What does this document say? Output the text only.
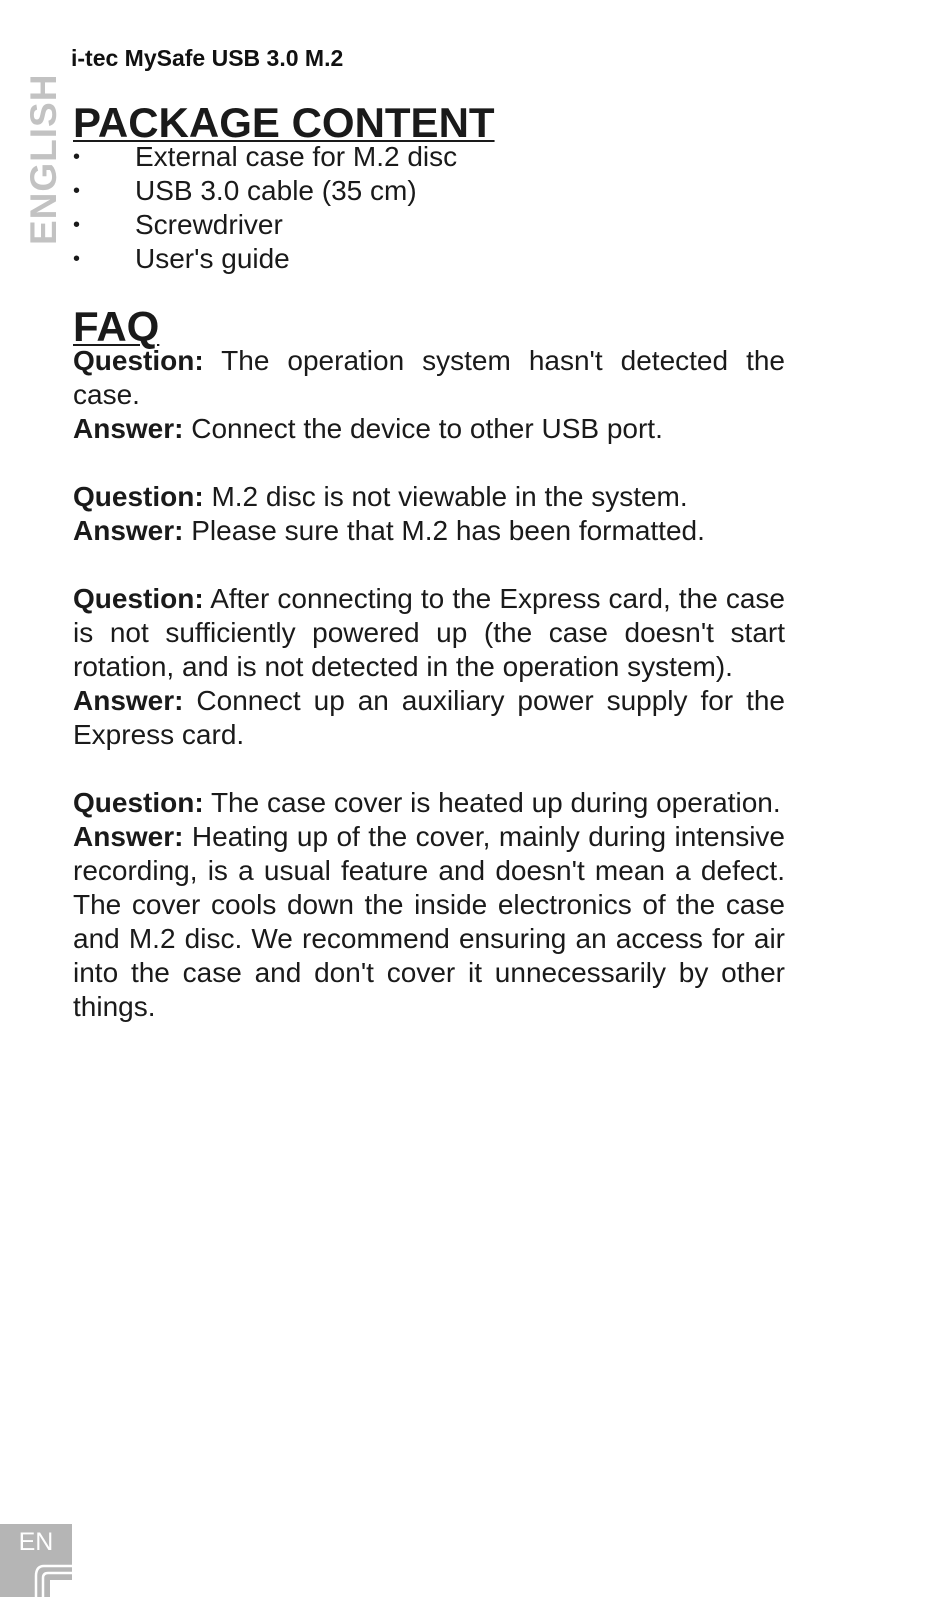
ENGLISH
i-tec MySafe USB 3.0 M.2
PACKAGE CONTENT
• External case for M.2 disc
• USB 3.0 cable (35 cm)
• Screwdriver
• User's guide
FAQ

Question: The operation system hasn't detected the case.

Answer: Connect the device to other USB port.

Question: M.2 disc is not viewable in the system.

Answer: Please sure that M.2 has been formatted.

Question: After connecting to the Express card, the case is not sufficiently powered up (the case doesn't start rotation, and is not detected in the operation system).

Answer: Connect up an auxiliary power supply for the Express card.

Question: The case cover is heated up during operation.

Answer: Heating up of the cover, mainly during intensive recording, is a usual feature and doesn't mean a defect. The cover cools down the inside electronics of the case and M.2 disc. We recommend ensuring an access for air into the case and don't cover it unnecessarily by other things.

EN
